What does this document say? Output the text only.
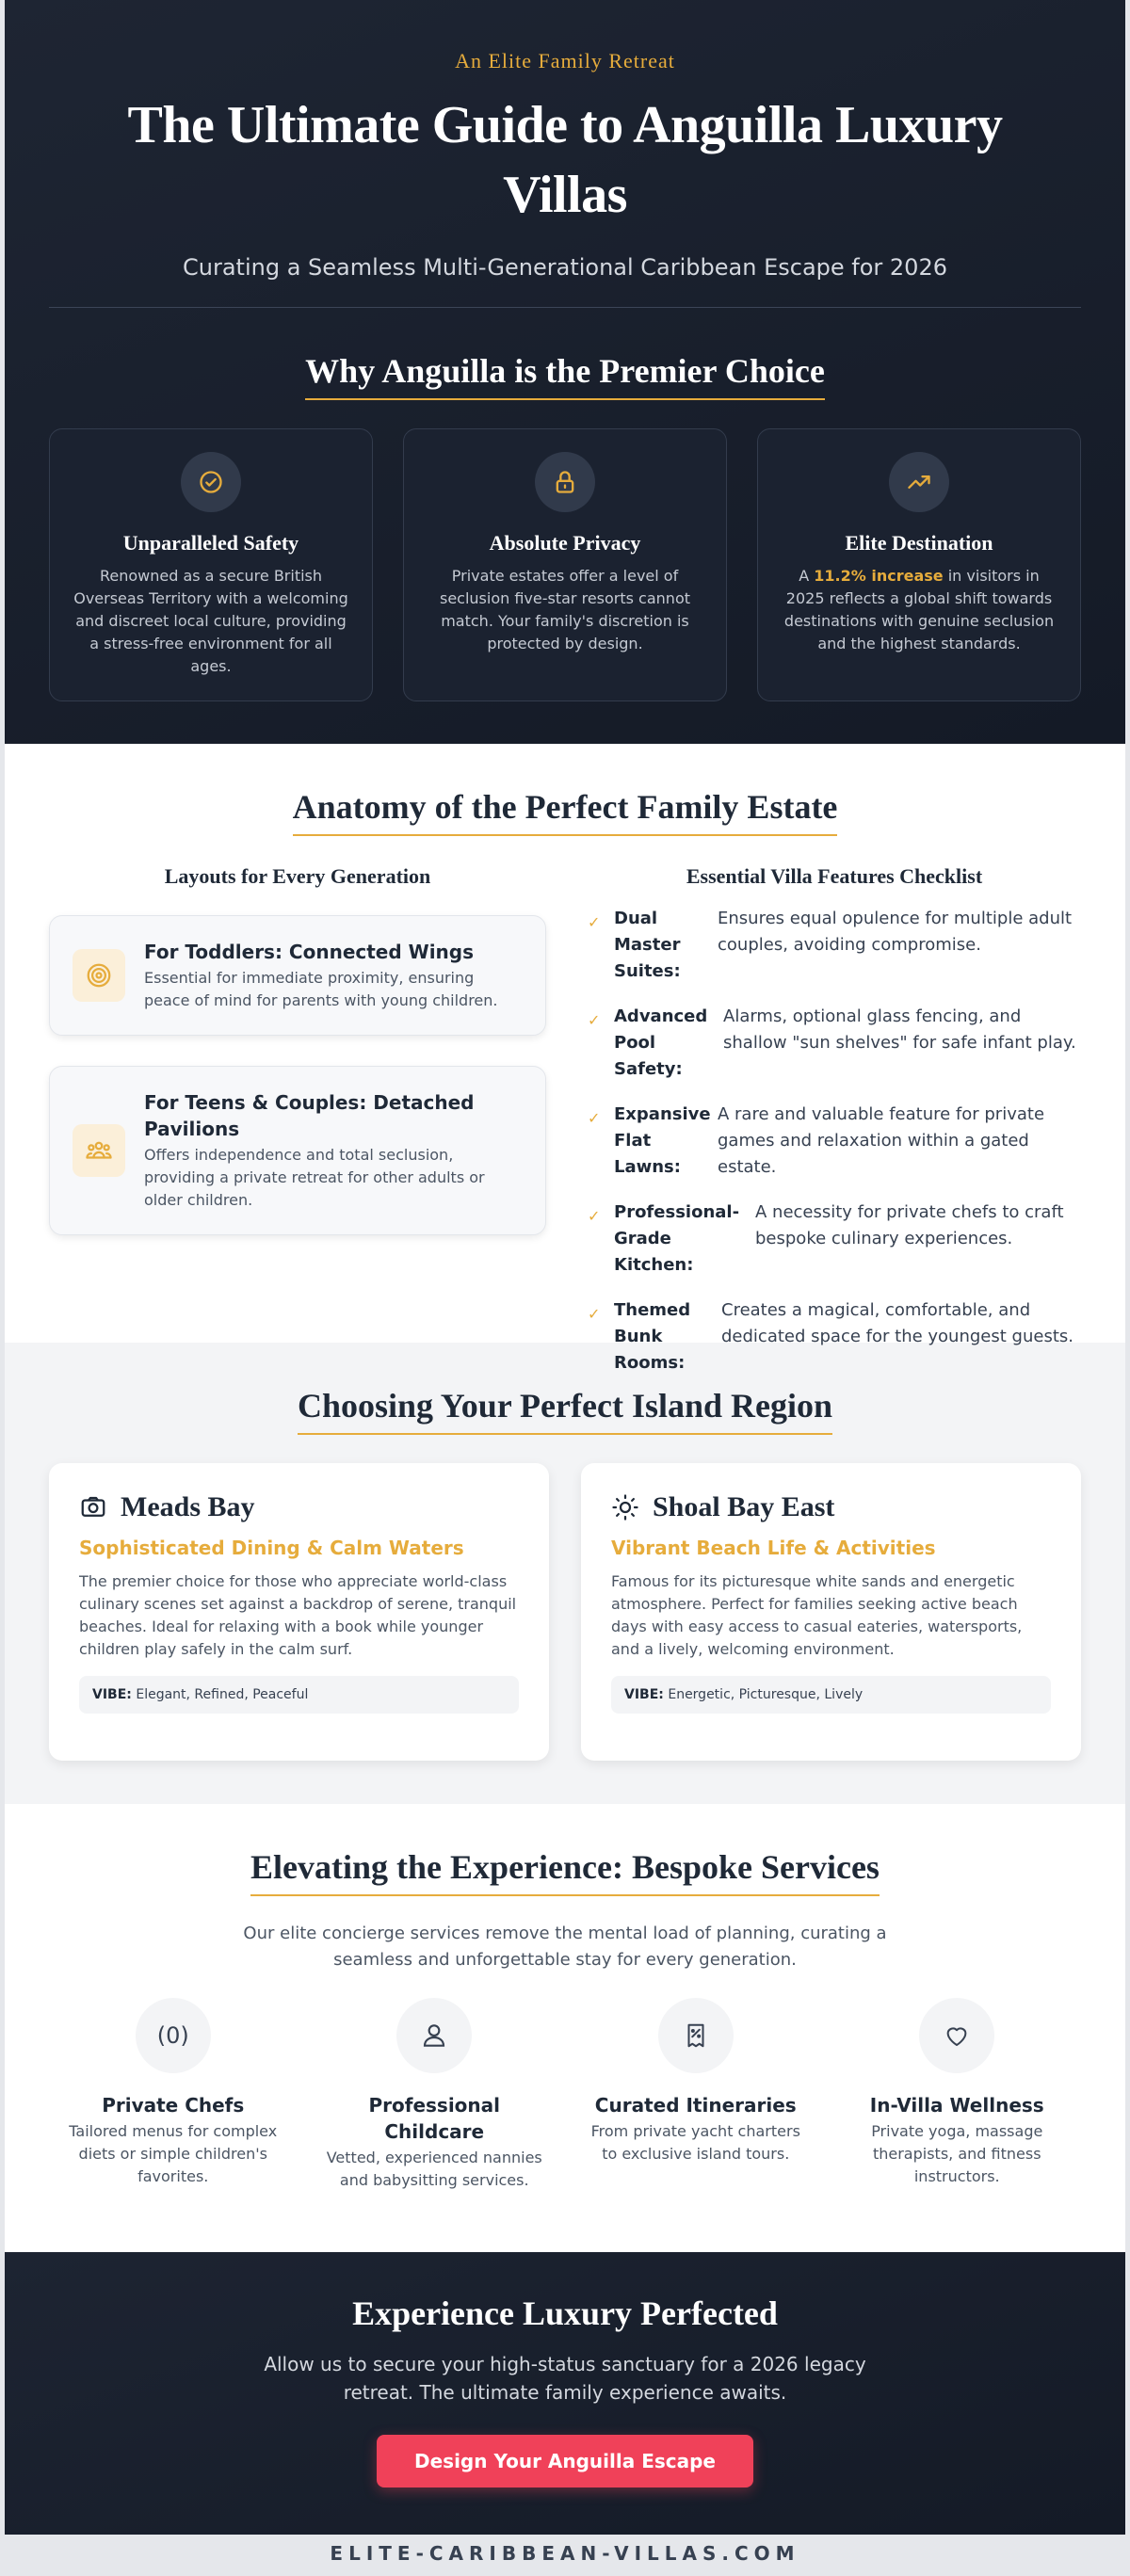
An Elite Family Retreat
The Ultimate Guide to Anguilla Luxury Villas
Curating a Seamless Multi-Generational Caribbean Escape for 2026
Why Anguilla is the Premier Choice
Unparalleled Safety
Renowned as a secure British Overseas Territory with a welcoming and discreet local culture, providing a stress-free environment for all ages.
Absolute Privacy
Private estates offer a level of seclusion five-star resorts cannot match. Your family's discretion is protected by design.
Elite Destination
A 11.2% increase in visitors in 2025 reflects a global shift towards destinations with genuine seclusion and the highest standards.
Anatomy of the Perfect Family Estate
Layouts for Every Generation
For Toddlers: Connected Wings
Essential for immediate proximity, ensuring peace of mind for parents with young children.
For Teens & Couples: Detached Pavilions
Offers independence and total seclusion, providing a private retreat for other adults or older children.
Essential Villa Features Checklist
✓ Dual Master Suites:
Ensures equal opulence for multiple adult couples, avoiding compromise.
✓ Advanced Pool Safety:
Alarms, optional glass fencing, and shallow "sun shelves" for safe infant play.
✓ Expansive Flat Lawns:
A rare and valuable feature for private games and relaxation within a gated estate.
✓ Professional-Grade Kitchen:
A necessity for private chefs to craft bespoke culinary experiences.
✓ Themed Bunk Rooms:
Creates a magical, comfortable, and dedicated space for the youngest guests.
Choosing Your Perfect Island Region
Meads Bay
Sophisticated Dining & Calm Waters
The premier choice for those who appreciate world-class culinary scenes set against a backdrop of serene, tranquil beaches. Ideal for relaxing with a book while younger children play safely in the calm surf.
VIBE: Elegant, Refined, Peaceful
Shoal Bay East
Vibrant Beach Life & Activities
Famous for its picturesque white sands and energetic atmosphere. Perfect for families seeking active beach days with easy access to casual eateries, watersports, and a lively, welcoming environment.
VIBE: Energetic, Picturesque, Lively
Elevating the Experience: Bespoke Services
Our elite concierge services remove the mental load of planning, curating a seamless and unforgettable stay for every generation.
(0)
Private Chefs
Tailored menus for complex diets or simple children's favorites.
Professional Childcare
Vetted, experienced nannies and babysitting services.
Curated Itineraries
From private yacht charters to exclusive island tours.
In-Villa Wellness
Private yoga, massage therapists, and fitness instructors.
Experience Luxury Perfected
Allow us to secure your high-status sanctuary for a 2026 legacy retreat. The ultimate family experience awaits.
Design Your Anguilla Escape
ELITE-CARIBBEAN-VILLAS.COM
